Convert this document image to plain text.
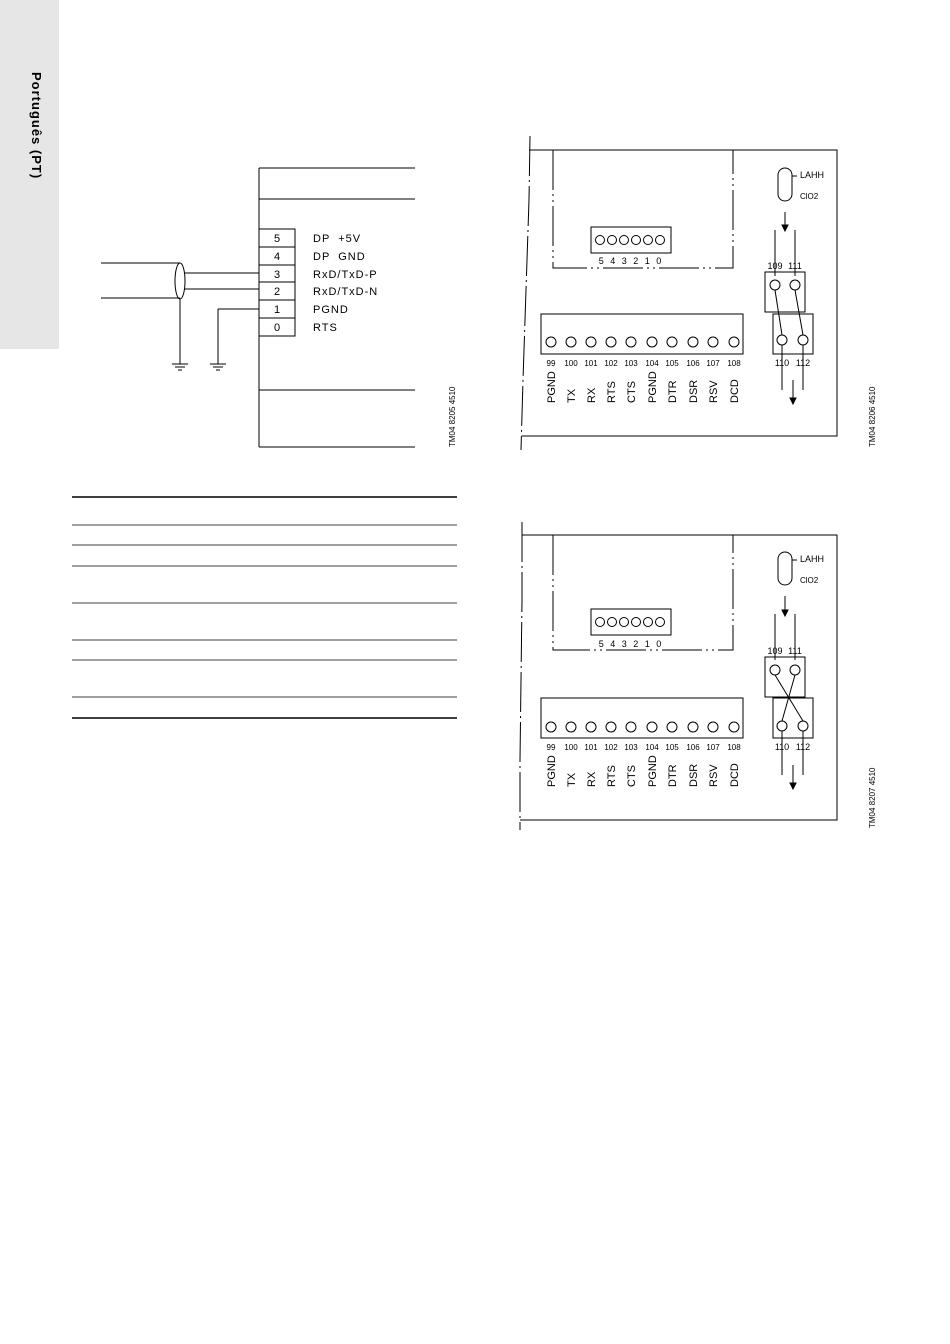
Português (PT)
5
4
3
2
1
0
DP  +5V
DP  GND
RxD/TxD-P
RxD/TxD-N
PGND
RTS
TM04 8205 4510
5 4 3 2 1 0
LAHH
ClO2
109 111
110 112
99 100 101 102 103 104 105 106 107 108
PGND TX RX RTS CTS PGND DTR DSR RSV DCD	TM04 8206 4510
5 4 3 2 1 0
LAHH
ClO2
109 111
110 112
99 100 101 102 103 104 105 106 107 108
PGND TX RX RTS CTS PGND DTR DSR RSV DCD	TM04 8207 4510
